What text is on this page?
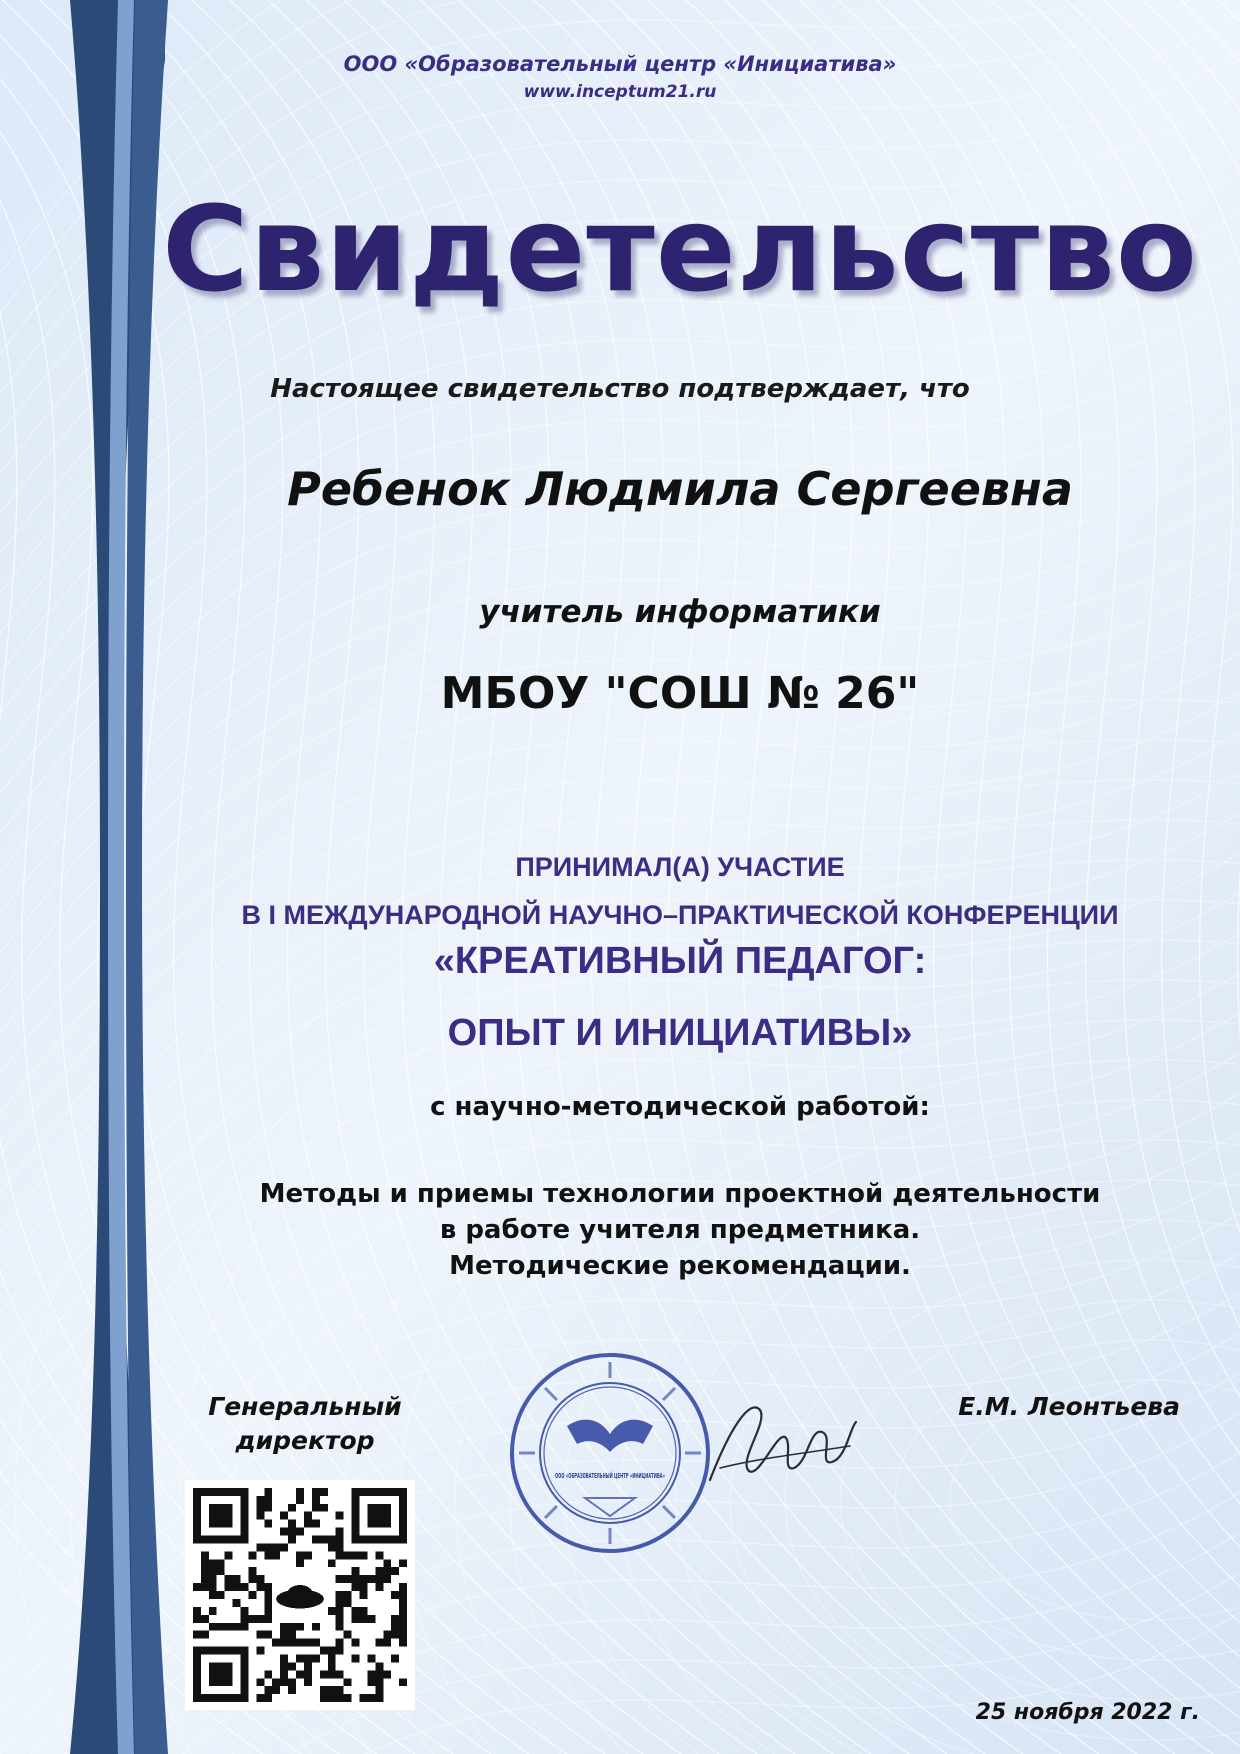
ООО «Образовательный центр «Инициатива»
www.inceptum21.ru
Свидетельство
Настоящее свидетельство подтверждает, что
Ребенок Людмила Сергеевна
учитель информатики
МБОУ "СОШ № 26"
ПРИНИМАЛ(А) УЧАСТИЕ
В I МЕЖДУНАРОДНОЙ НАУЧНО–ПРАКТИЧЕСКОЙ КОНФЕРЕНЦИИ
«КРЕАТИВНЫЙ ПЕДАГОГ:
ОПЫТ И ИНИЦИАТИВЫ»
с научно-методической работой:
Методы и приемы технологии проектной деятельности
в работе учителя предметника.
Методические рекомендации.
Генеральный
директор
Е.М. Леонтьева
ООО «ОБРАЗОВАТЕЛЬНЫЙ ЦЕНТР «ИНИЦИАТИВА»
25 ноября 2022 г.
